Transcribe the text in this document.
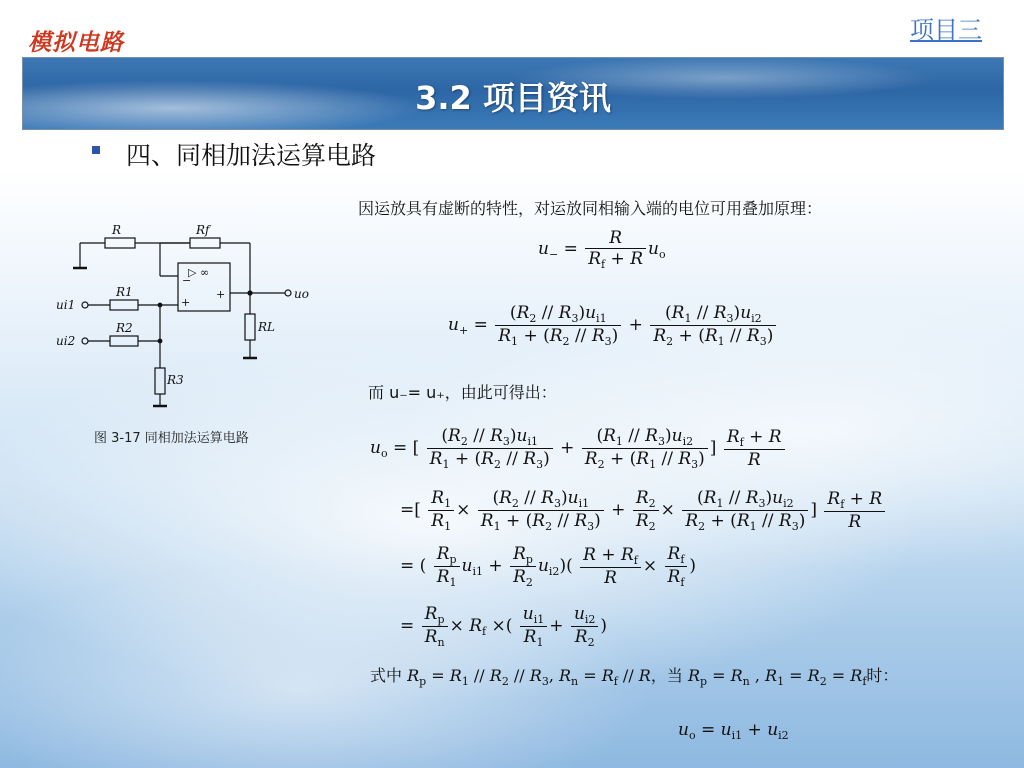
模拟电路	项目三
3.2 项目资讯
四、同相加法运算电路
R	Rf
R1
R2
R3
RL
ui1
ui2
uo
▷ ∞
−
+
+
图 3-17 同相加法运算电路
因运放具有虚断的特性，对运放同相输入端的电位可用叠加原理：
$u_- = \frac{R}{R_f + R} u_o$
$u_+ = \frac{(R_2 // R_3)u_{i1}}{R_1 + (R_2 // R_3)} + \frac{(R_1 // R_3)u_{i2}}{R_2 + (R_1 // R_3)}$
而 u₋= u₊，由此可得出：
$u_o$ = [ $\frac{(R_2 // R_3)u_{i1}}{R_1 + (R_2 // R_3)} + \frac{(R_1 // R_3)u_{i2}}{R_2 + (R_1 // R_3)}$ ] $\frac{R_f + R}{R}$
=[ $\frac{R_1}{R_1} \times \frac{(R_2 // R_3)u_{i1}}{R_1 + (R_2 // R_3)} + \frac{R_2}{R_2} \times \frac{(R_1 // R_3)u_{i2}}{R_2 + (R_1 // R_3)}$ ] $\frac{R_f + R}{R}$
= ( $\frac{R_p}{R_1} u_{i1} + \frac{R_p}{R_2} u_{i2})( \frac{R + R_f}{R} \times \frac{R_f}{R_f}$ )
= $\frac{R_p}{R_n} \times R_f$ ×( $\frac{u_{i1}}{R_1} + \frac{u_{i2}}{R_2}$ )
式中 $R_p = R_1 // R_2 // R_3$, $R_n = R_f // R$，当 $R_p = R_n$ , $R_1 = R_2 = R_f$时：
$u_o = u_{i1} + u_{i2}$
